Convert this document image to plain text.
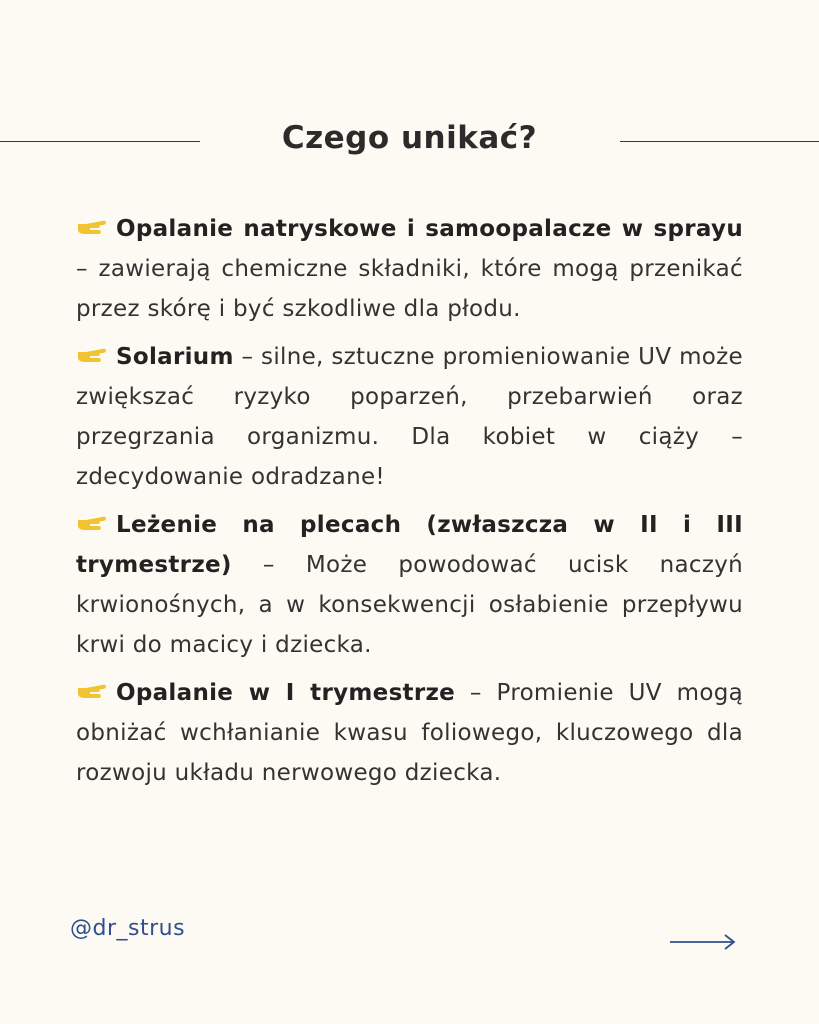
Czego unikać?

Opalanie natryskowe i samoopalacze w sprayu – zawierają chemiczne składniki, które mogą przenikać przez skórę i być szkodliwe dla płodu.

Solarium – silne, sztuczne promieniowanie UV może zwiększać ryzyko poparzeń, przebarwień oraz przegrzania organizmu. Dla kobiet w ciąży – zdecydowanie odradzane!

Leżenie na plecach (zwłaszcza w II i III trymestrze) – Może powodować ucisk naczyń krwionośnych, a w konsekwencji osłabienie przepływu krwi do macicy i dziecka.

Opalanie w I trymestrze – Promienie UV mogą obniżać wchłanianie kwasu foliowego, kluczowego dla rozwoju układu nerwowego dziecka.

@dr_strus
